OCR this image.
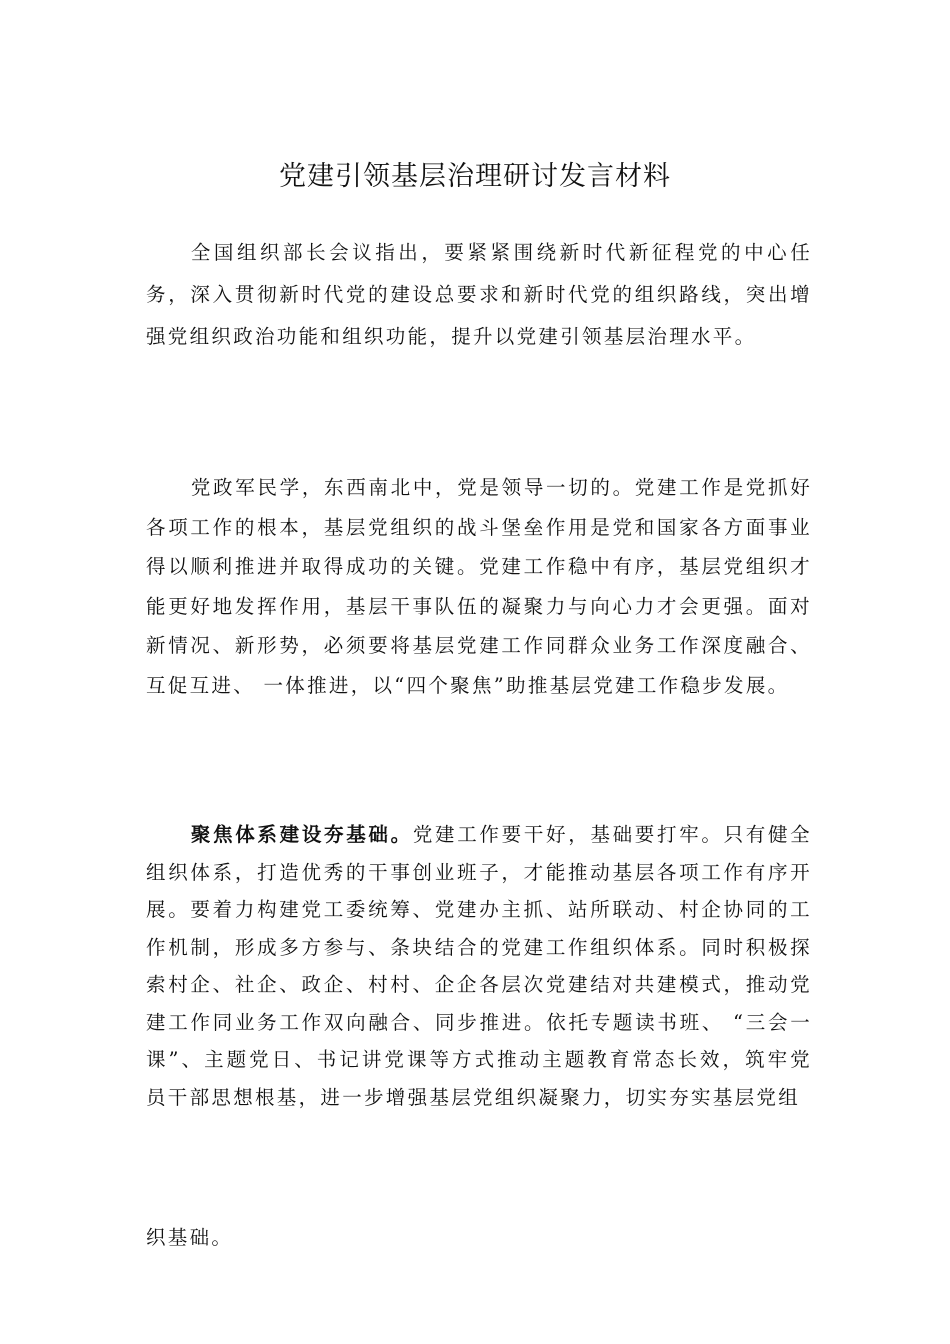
党建引领基层治理研讨发言材料

全国组织部长会议指出，要紧紧围绕新时代新征程党的中心任务，深入贯彻新时代党的建设总要求和新时代党的组织路线，突出增强党组织政治功能和组织功能，提升以党建引领基层治理水平。

党政军民学，东西南北中，党是领导一切的。党建工作是党抓好各项工作的根本，基层党组织的战斗堡垒作用是党和国家各方面事业得以顺利推进并取得成功的关键。党建工作稳中有序，基层党组织才能更好地发挥作用，基层干事队伍的凝聚力与向心力才会更强。面对新情况、新形势，必须要将基层党建工作同群众业务工作深度融合、互促互进、 一体推进，以“四个聚焦”助推基层党建工作稳步发展。

聚焦体系建设夯基础。党建工作要干好，基础要打牢。只有健全组织体系，打造优秀的干事创业班子，才能推动基层各项工作有序开展。要着力构建党工委统筹、党建办主抓、站所联动、村企协同的工作机制，形成多方参与、条块结合的党建工作组织体系。同时积极探索村企、社企、政企、村村、企企各层次党建结对共建模式，推动党建工作同业务工作双向融合、同步推进。依托专题读书班、 “三会一 课”、主题党日、书记讲党课等方式推动主题教育常态长效，筑牢党 员干部思想根基，进一步增强基层党组织凝聚力，切实夯实基层党组

织基础。
